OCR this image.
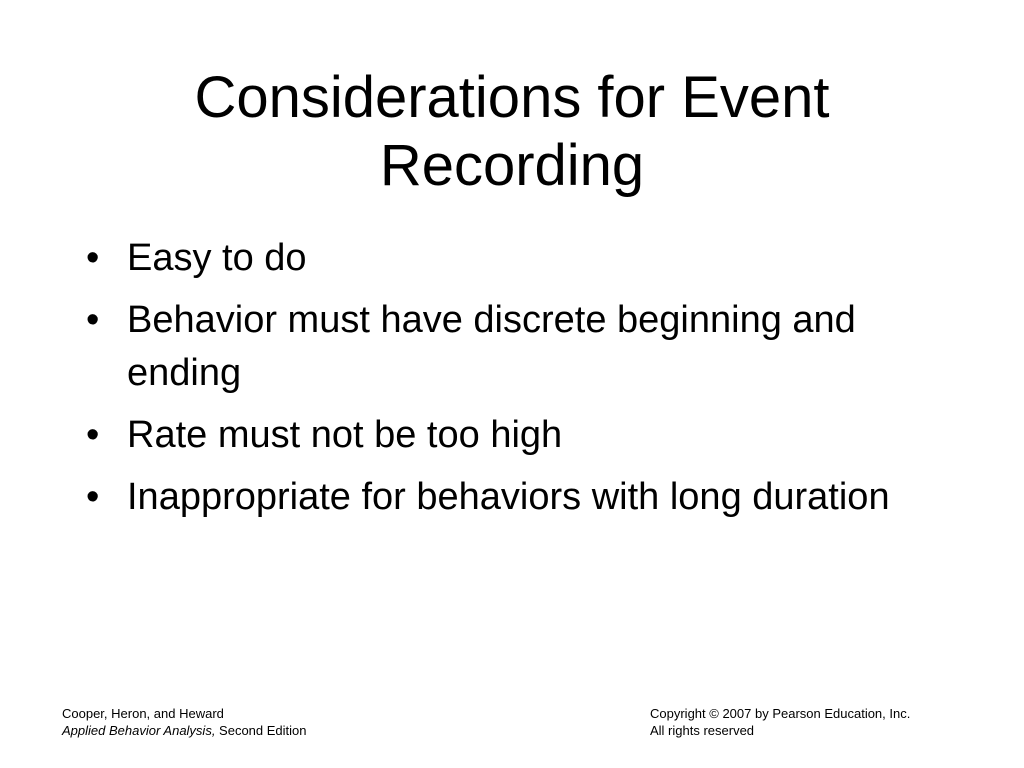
Considerations for Event
Recording
• Easy to do
• Behavior must have discrete beginning and ending
• Rate must not be too high
• Inappropriate for behaviors with long duration
Cooper, Heron, and Heward
Applied Behavior Analysis, Second Edition
Copyright © 2007 by Pearson Education, Inc.
All rights reserved
